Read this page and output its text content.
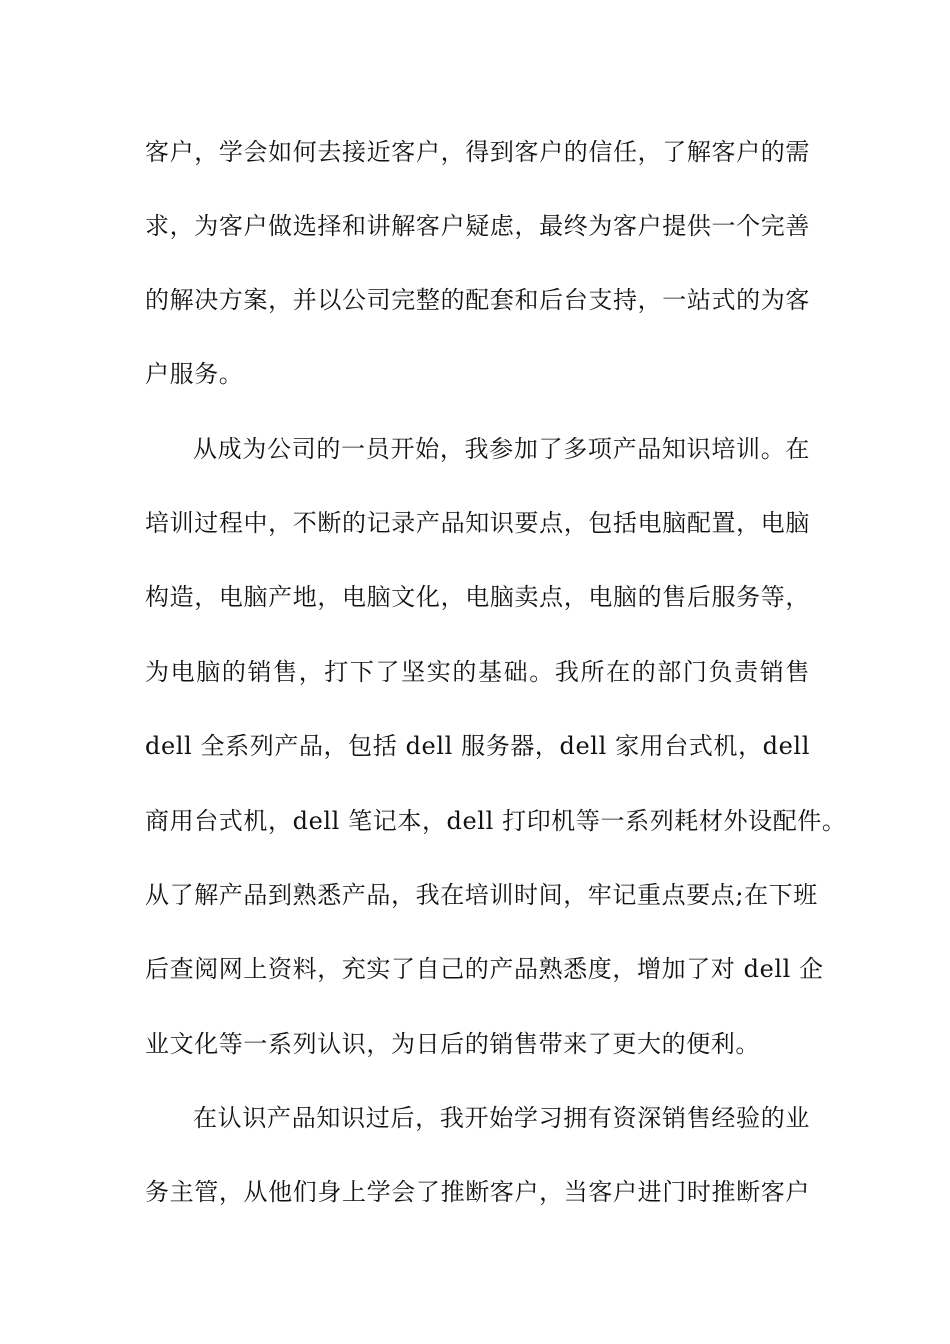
客户，学会如何去接近客户，得到客户的信任，了解客户的需
求，为客户做选择和讲解客户疑虑，最终为客户提供一个完善
的解决方案，并以公司完整的配套和后台支持，一站式的为客
户服务。
从成为公司的一员开始，我参加了多项产品知识培训。在
培训过程中，不断的记录产品知识要点，包括电脑配置，电脑
构造，电脑产地，电脑文化，电脑卖点，电脑的售后服务等，
为电脑的销售，打下了坚实的基础。我所在的部门负责销售
dell 全系列产品，包括 dell 服务器，dell 家用台式机，dell
商用台式机，dell 笔记本，dell 打印机等一系列耗材外设配件。
从了解产品到熟悉产品，我在培训时间，牢记重点要点;在下班
后查阅网上资料，充实了自己的产品熟悉度，增加了对 dell 企
业文化等一系列认识，为日后的销售带来了更大的便利。
在认识产品知识过后，我开始学习拥有资深销售经验的业
务主管，从他们身上学会了推断客户，当客户进门时推断客户
